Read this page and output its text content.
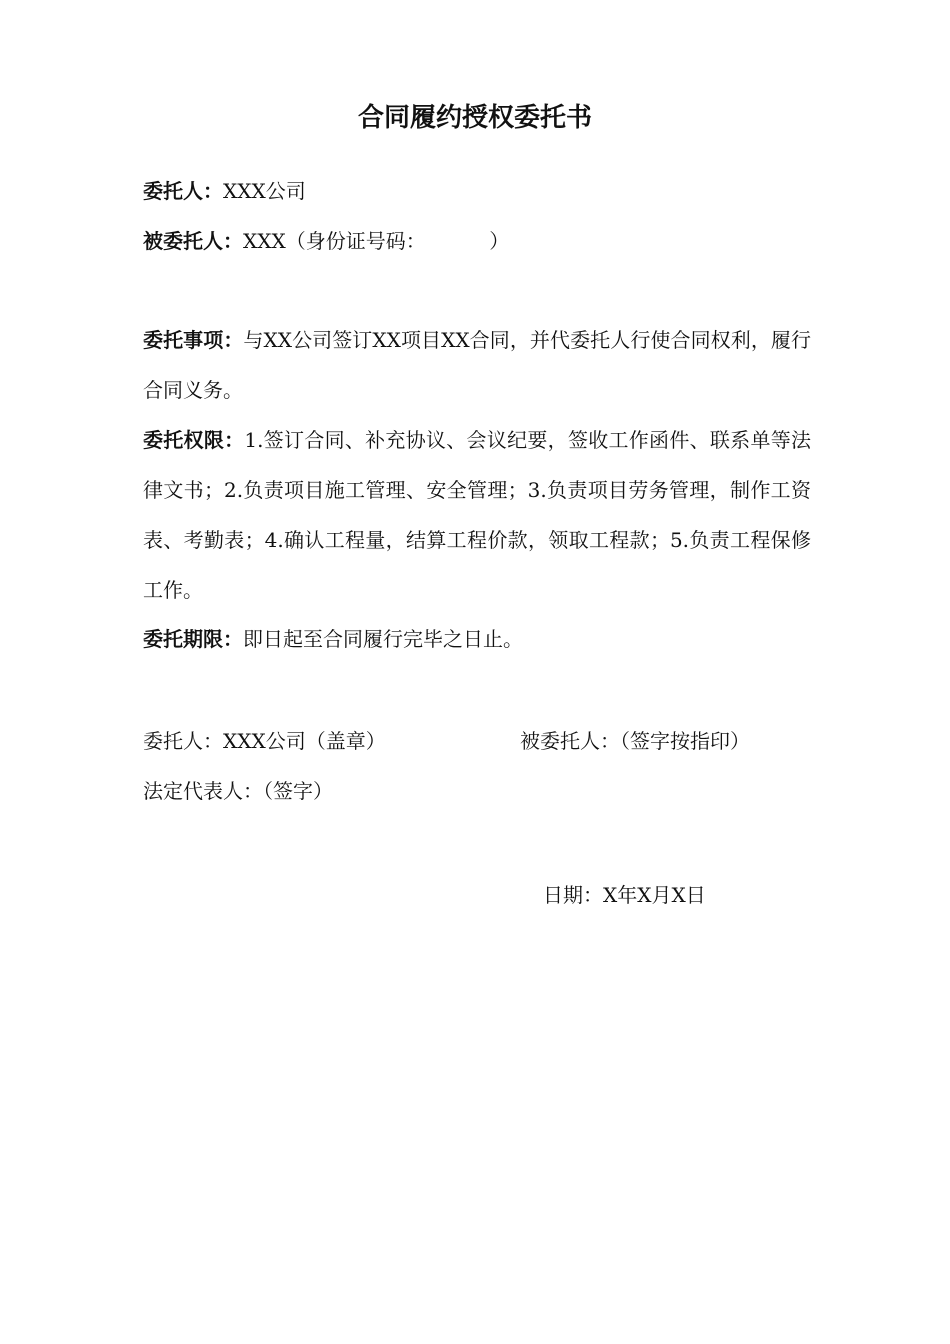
合同履约授权委托书
委托人：XXX公司
被委托人：XXX（身份证号码：          ）
委托事项：与XX公司签订XX项目XX合同，并代委托人行使合同权利，履行合同义务。
委托权限：1.签订合同、补充协议、会议纪要，签收工作函件、联系单等法律文书；2.负责项目施工管理、安全管理；3.负责项目劳务管理，制作工资表、考勤表；4.确认工程量，结算工程价款，领取工程款；5.负责工程保修工作。
委托期限：即日起至合同履行完毕之日止。
委托人：XXX公司（盖章）	被委托人：（签字按指印）
法定代表人：（签字）
日期：X年X月X日
